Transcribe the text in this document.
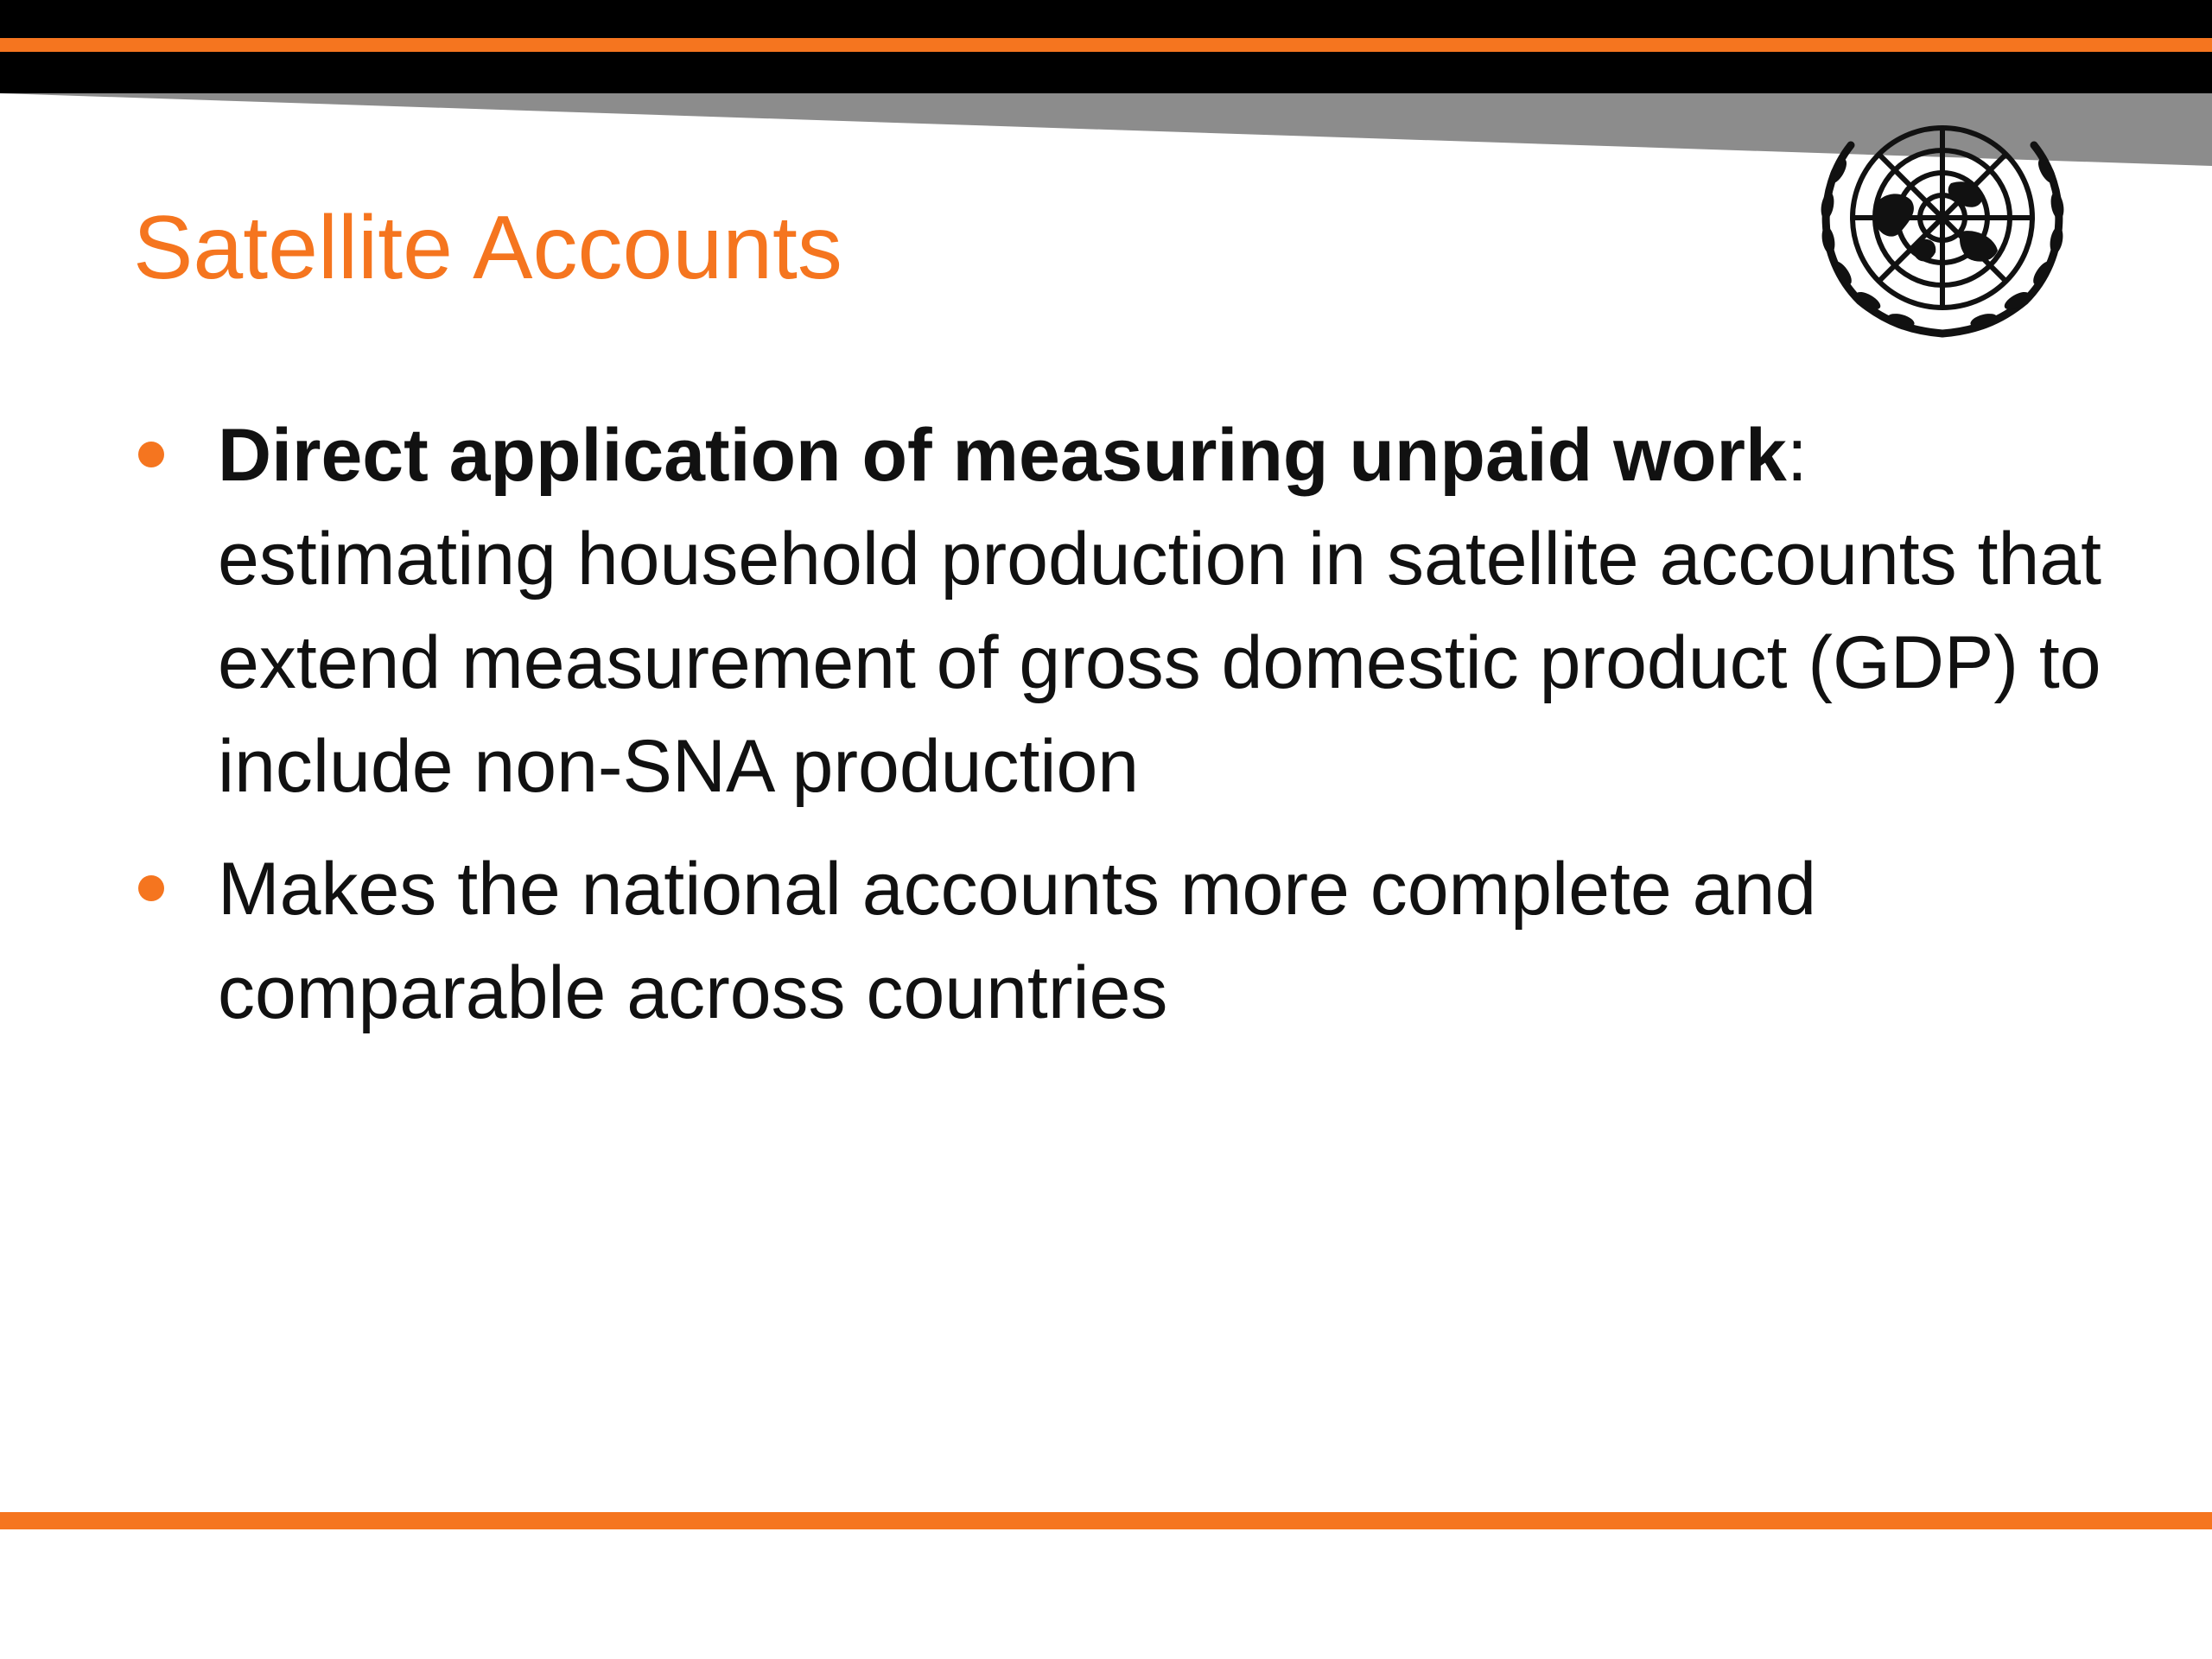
Satellite Accounts
Direct application of measuring unpaid work: estimating household production in satellite accounts that extend measurement of gross domestic product (GDP) to include non-SNA production
Makes the national accounts more complete and comparable across countries
